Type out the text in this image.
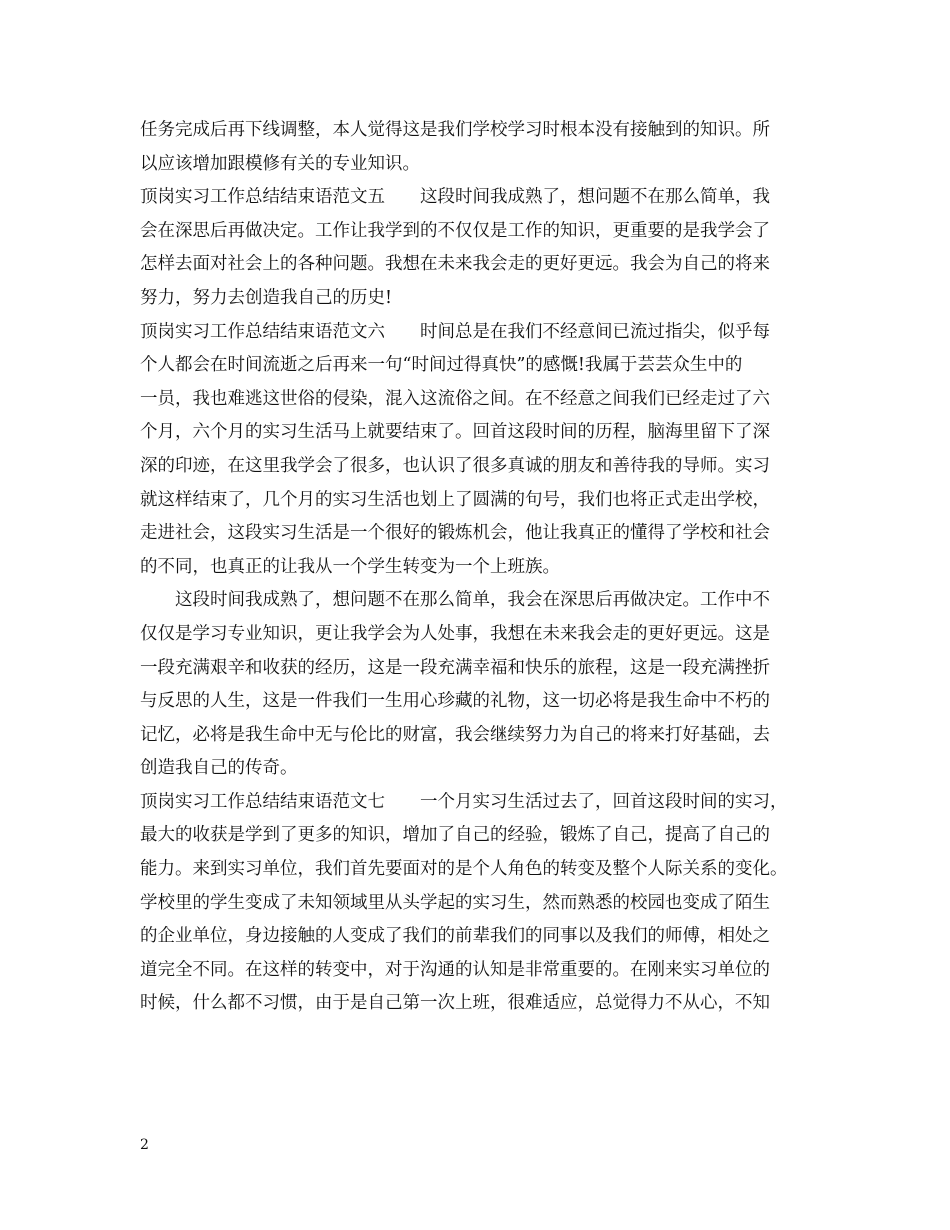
任务完成后再下线调整，本人觉得这是我们学校学习时根本没有接触到的知识。所
以应该增加跟模修有关的专业知识。
顶岗实习工作总结结束语范文五　　这段时间我成熟了，想问题不在那么简单，我
会在深思后再做决定。工作让我学到的不仅仅是工作的知识，更重要的是我学会了
怎样去面对社会上的各种问题。我想在未来我会走的更好更远。我会为自己的将来
努力，努力去创造我自己的历史!
顶岗实习工作总结结束语范文六　　时间总是在我们不经意间已流过指尖，似乎每
个人都会在时间流逝之后再来一句“时间过得真快”的感慨!我属于芸芸众生中的
一员，我也难逃这世俗的侵染，混入这流俗之间。在不经意之间我们已经走过了六
个月，六个月的实习生活马上就要结束了。回首这段时间的历程，脑海里留下了深
深的印迹，在这里我学会了很多，也认识了很多真诚的朋友和善待我的导师。实习
就这样结束了，几个月的实习生活也划上了圆满的句号，我们也将正式走出学校，
走进社会，这段实习生活是一个很好的锻炼机会，他让我真正的懂得了学校和社会
的不同，也真正的让我从一个学生转变为一个上班族。
这段时间我成熟了，想问题不在那么简单，我会在深思后再做决定。工作中不
仅仅是学习专业知识，更让我学会为人处事，我想在未来我会走的更好更远。这是
一段充满艰辛和收获的经历，这是一段充满幸福和快乐的旅程，这是一段充满挫折
与反思的人生，这是一件我们一生用心珍藏的礼物，这一切必将是我生命中不朽的
记忆，必将是我生命中无与伦比的财富，我会继续努力为自己的将来打好基础，去
创造我自己的传奇。
顶岗实习工作总结结束语范文七　　一个月实习生活过去了，回首这段时间的实习，
最大的收获是学到了更多的知识，增加了自己的经验，锻炼了自己，提高了自己的
能力。来到实习单位，我们首先要面对的是个人角色的转变及整个人际关系的变化。
学校里的学生变成了未知领域里从头学起的实习生，然而熟悉的校园也变成了陌生
的企业单位，身边接触的人变成了我们的前辈我们的同事以及我们的师傅，相处之
道完全不同。在这样的转变中，对于沟通的认知是非常重要的。在刚来实习单位的
时候，什么都不习惯，由于是自己第一次上班，很难适应，总觉得力不从心，不知
2
